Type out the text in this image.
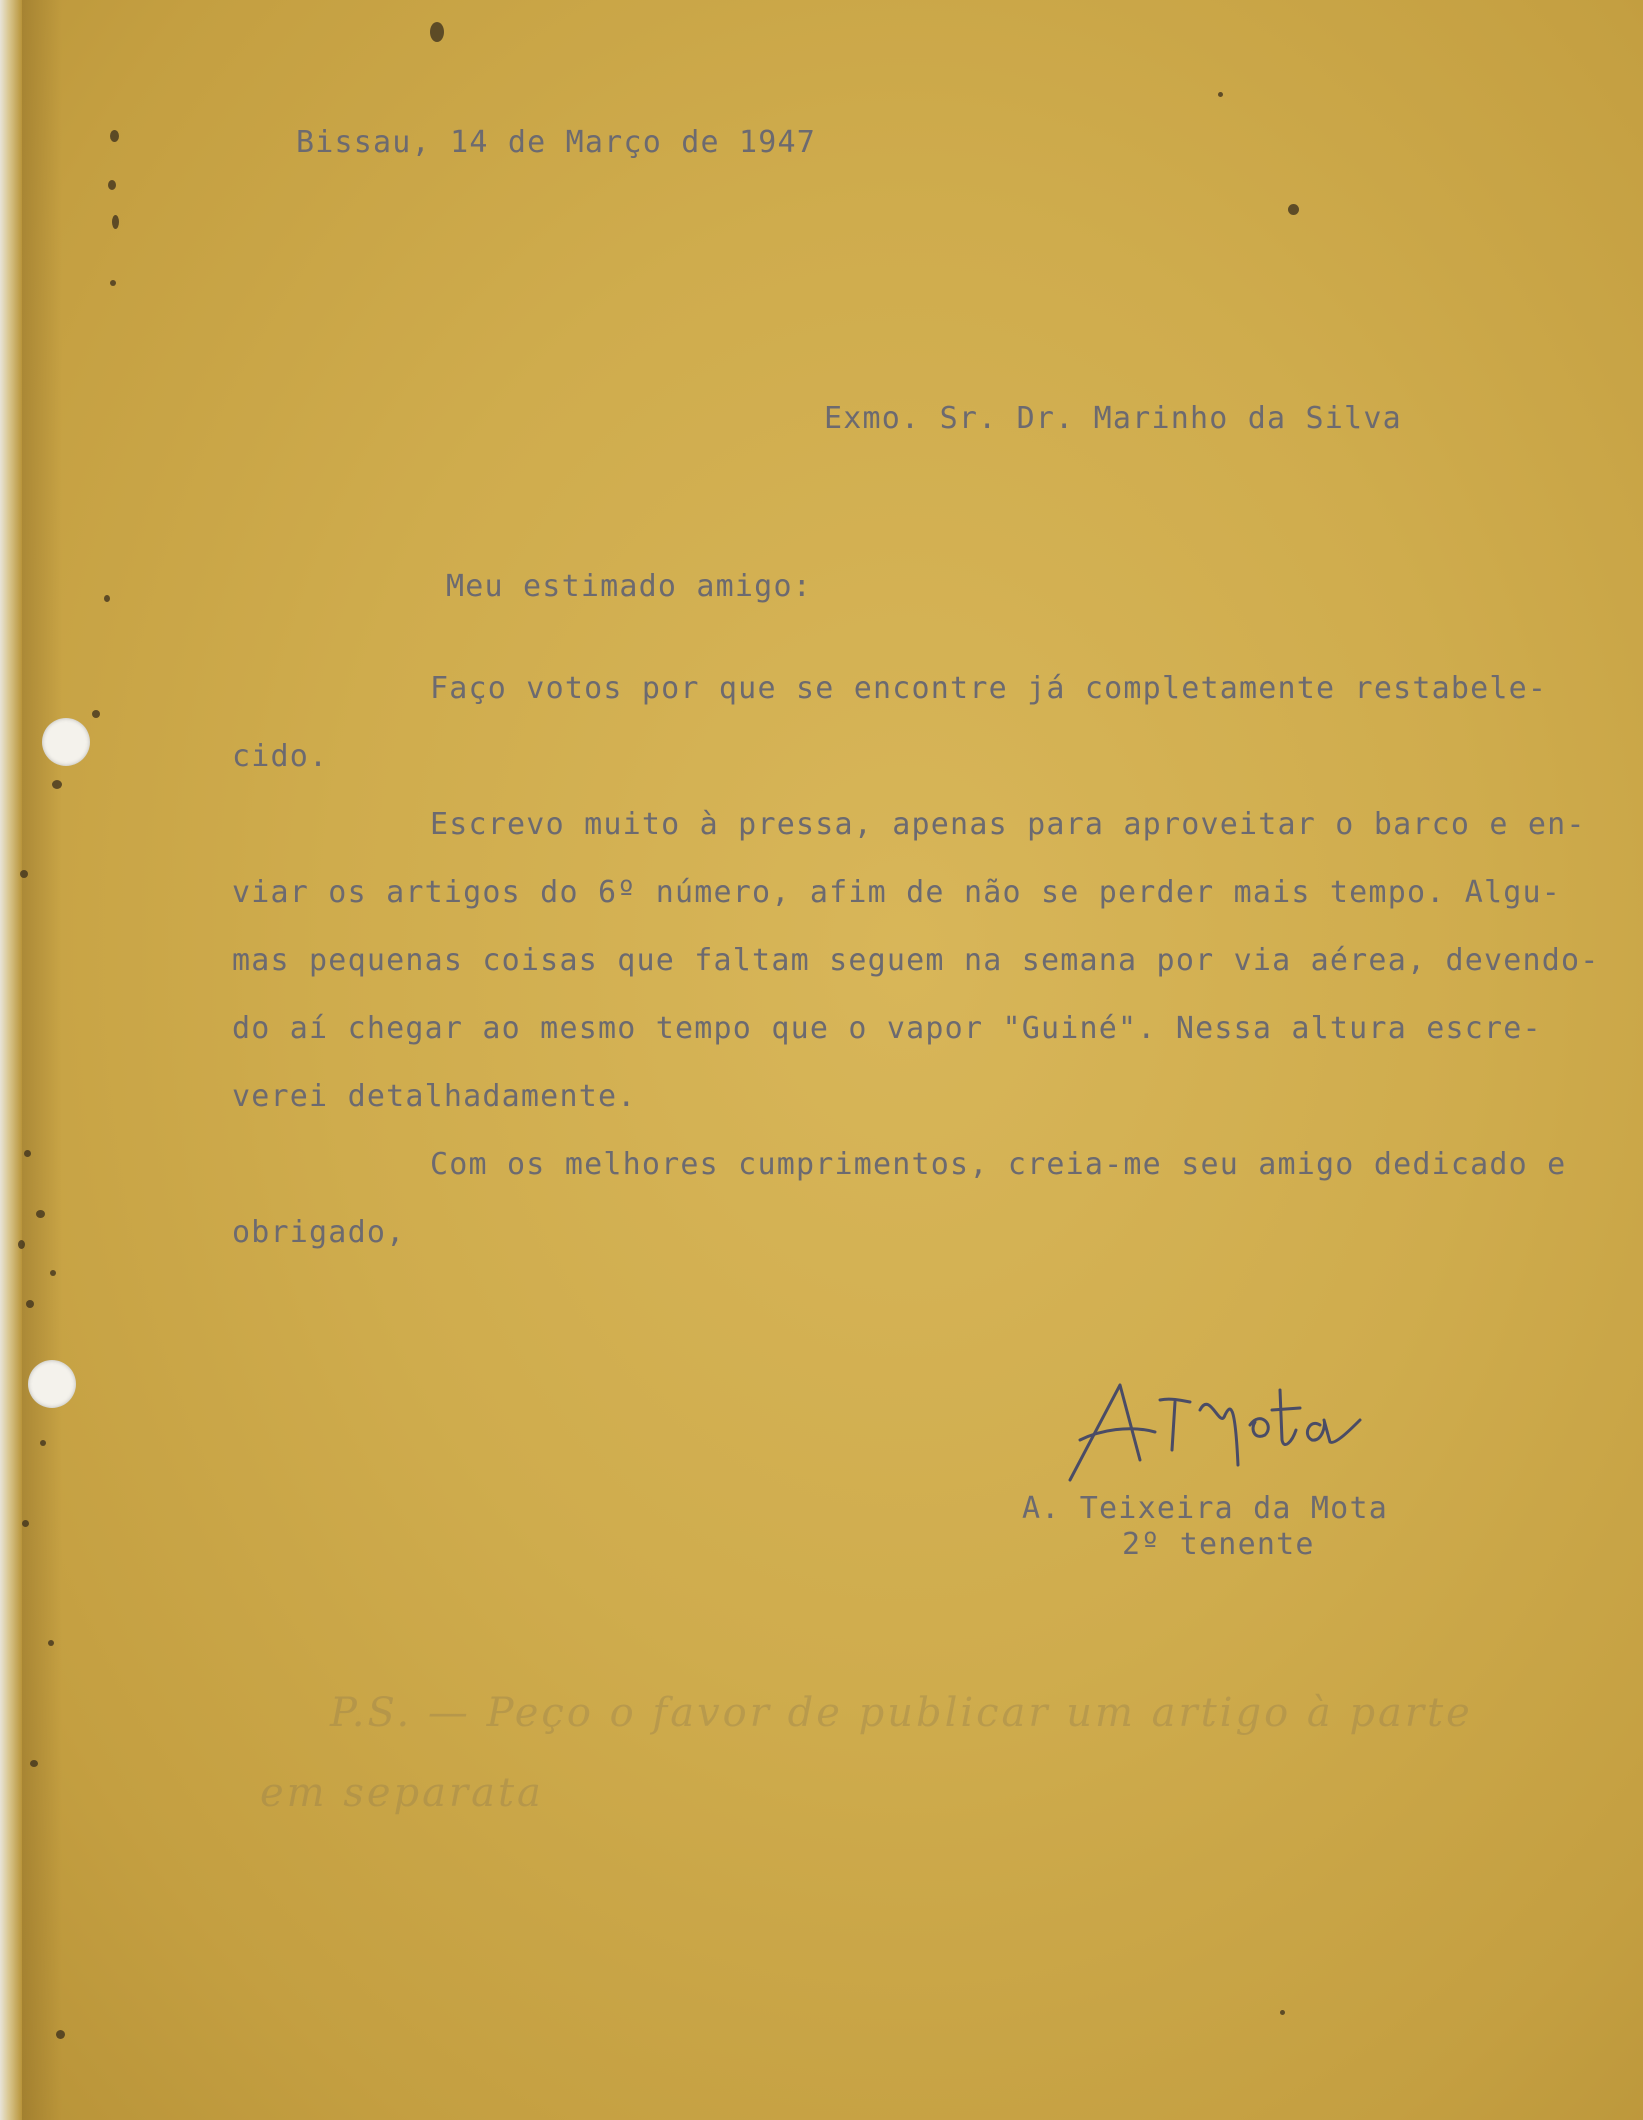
Bissau, 14 de Março de 1947

Exmo. Sr. Dr. Marinho da Silva

Meu estimado amigo:

Faço votos por que se encontre já completamente restabele-

cido.

Escrevo muito à pressa, apenas para aproveitar o barco e en-

viar os artigos do 6º número, afim de não se perder mais tempo. Algu-

mas pequenas coisas que faltam seguem na semana por via aérea, devendo-

do aí chegar ao mesmo tempo que o vapor "Guiné". Nessa altura escre-

verei detalhadamente.

Com os melhores cumprimentos, creia-me seu amigo dedicado e

obrigado,

A. Teixeira da Mota

2º tenente

P.S. — Peço o favor de publicar um artigo à parte

em separata
